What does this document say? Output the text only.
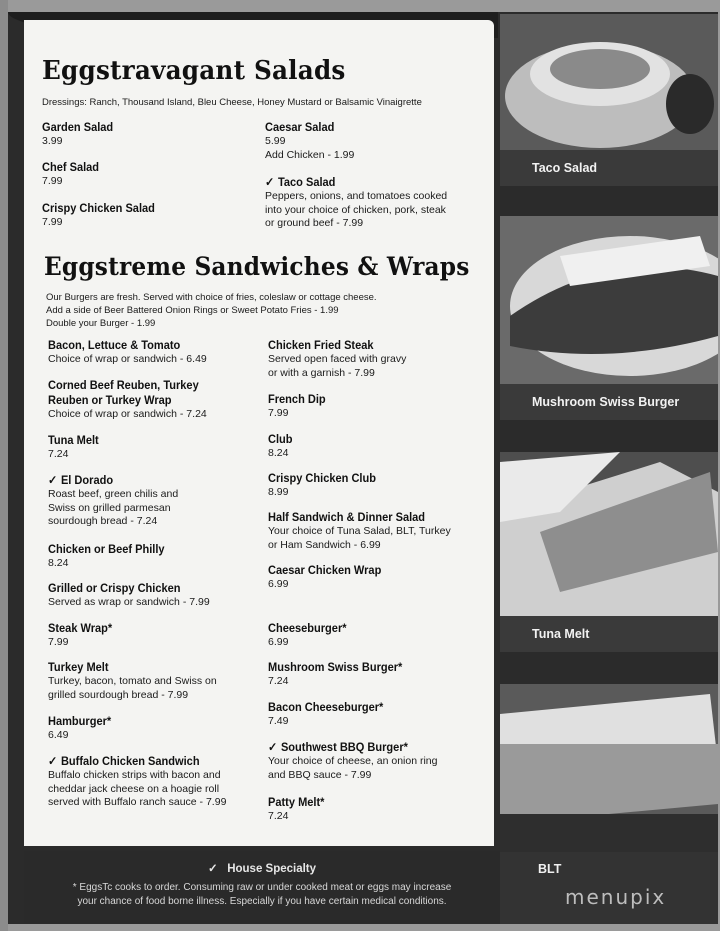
Eggstravagant Salads
Dressings: Ranch, Thousand Island, Bleu Cheese, Honey Mustard or Balsamic Vinaigrette
Garden Salad
3.99
Chef Salad
7.99
Crispy Chicken Salad
7.99
Caesar Salad
5.99
Add Chicken - 1.99
✓ Taco Salad
Peppers, onions, and tomatoes cooked
into your choice of chicken, pork, steak
or ground beef - 7.99
Eggstreme Sandwiches & Wraps
Our Burgers are fresh. Served with choice of fries, coleslaw or cottage cheese.
Add a side of Beer Battered Onion Rings or Sweet Potato Fries - 1.99
Double your Burger - 1.99
Bacon, Lettuce & Tomato
Choice of wrap or sandwich - 6.49
Corned Beef Reuben, Turkey
Reuben or Turkey Wrap
Choice of wrap or sandwich - 7.24
Tuna Melt
7.24
✓ El Dorado
Roast beef, green chilis and
Swiss on grilled parmesan
sourdough bread - 7.24
Chicken or Beef Philly
8.24
Grilled or Crispy Chicken
Served as wrap or sandwich - 7.99
Steak Wrap*
7.99
Turkey Melt
Turkey, bacon, tomato and Swiss on
grilled sourdough bread - 7.99
Hamburger*
6.49
✓ Buffalo Chicken Sandwich
Buffalo chicken strips with bacon and
cheddar jack cheese on a hoagie roll
served with Buffalo ranch sauce - 7.99
Chicken Fried Steak
Served open faced with gravy
or with a garnish - 7.99
French Dip
7.99
Club
8.24
Crispy Chicken Club
8.99
Half Sandwich & Dinner Salad
Your choice of Tuna Salad, BLT, Turkey
or Ham Sandwich - 6.99
Caesar Chicken Wrap
6.99
Cheeseburger*
6.99
Mushroom Swiss Burger*
7.24
Bacon Cheeseburger*
7.49
✓ Southwest BBQ Burger*
Your choice of cheese, an onion ring
and BBQ sauce - 7.99
Patty Melt*
7.24
Taco Salad
Mushroom Swiss Burger
Tuna Melt
BLT
✓ House Specialty
* EggsTc cooks to order. Consuming raw or under cooked meat or eggs may increase
your chance of food borne illness. Especially if you have certain medical conditions.	menupix
